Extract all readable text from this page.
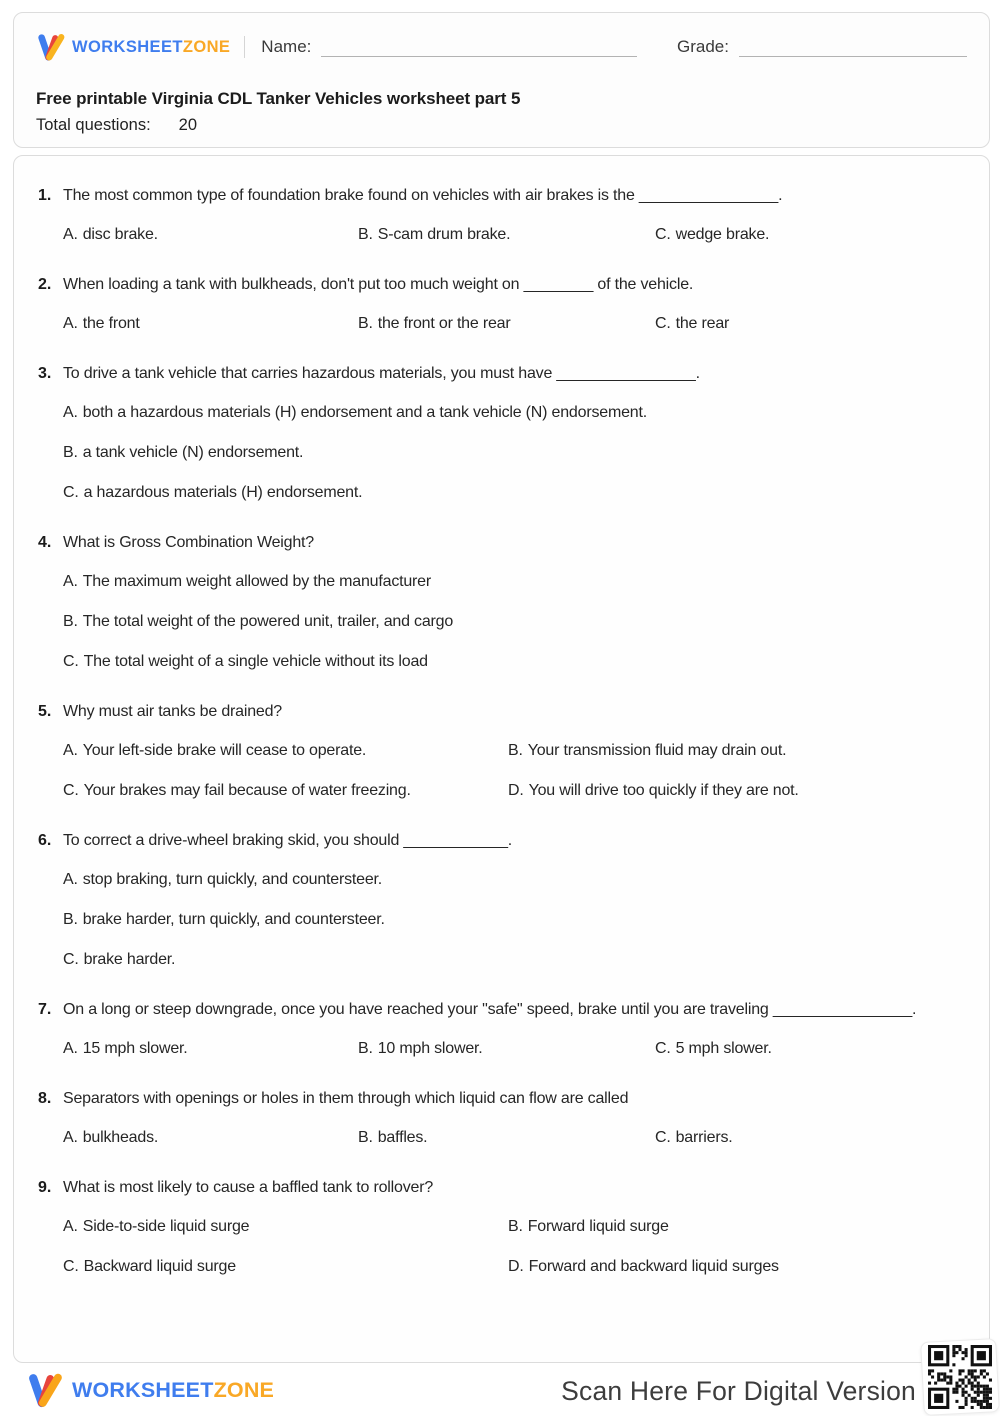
WORKSHEETZONE Name:	Grade:
Free printable Virginia CDL Tanker Vehicles worksheet part 5
Total questions: 20
1. The most common type of foundation brake found on vehicles with air brakes is the ________________.

A. disc brake.	B. S-cam drum brake.	C. wedge brake.
2. When loading a tank with bulkheads, don't put too much weight on ________ of the vehicle.

A. the front	B. the front or the rear	C. the rear
3. To drive a tank vehicle that carries hazardous materials, you must have ________________.

A. both a hazardous materials (H) endorsement and a tank vehicle (N) endorsement.
B. a tank vehicle (N) endorsement.
C. a hazardous materials (H) endorsement.
4. What is Gross Combination Weight?

A. The maximum weight allowed by the manufacturer
B. The total weight of the powered unit, trailer, and cargo
C. The total weight of a single vehicle without its load
5. Why must air tanks be drained?

A. Your left-side brake will cease to operate.	B. Your transmission fluid may drain out.
C. Your brakes may fail because of water freezing.	D. You will drive too quickly if they are not.
6. To correct a drive-wheel braking skid, you should ____________.

A. stop braking, turn quickly, and countersteer.
B. brake harder, turn quickly, and countersteer.
C. brake harder.
7. On a long or steep downgrade, once you have reached your "safe" speed, brake until you are traveling ________________.

A. 15 mph slower.	B. 10 mph slower.	C. 5 mph slower.
8. Separators with openings or holes in them through which liquid can flow are called

A. bulkheads.	B. baffles.	C. barriers.
9. What is most likely to cause a baffled tank to rollover?

A. Side-to-side liquid surge	B. Forward liquid surge
C. Backward liquid surge	D. Forward and backward liquid surges
WORKSHEETZONE	Scan Here For Digital Version
